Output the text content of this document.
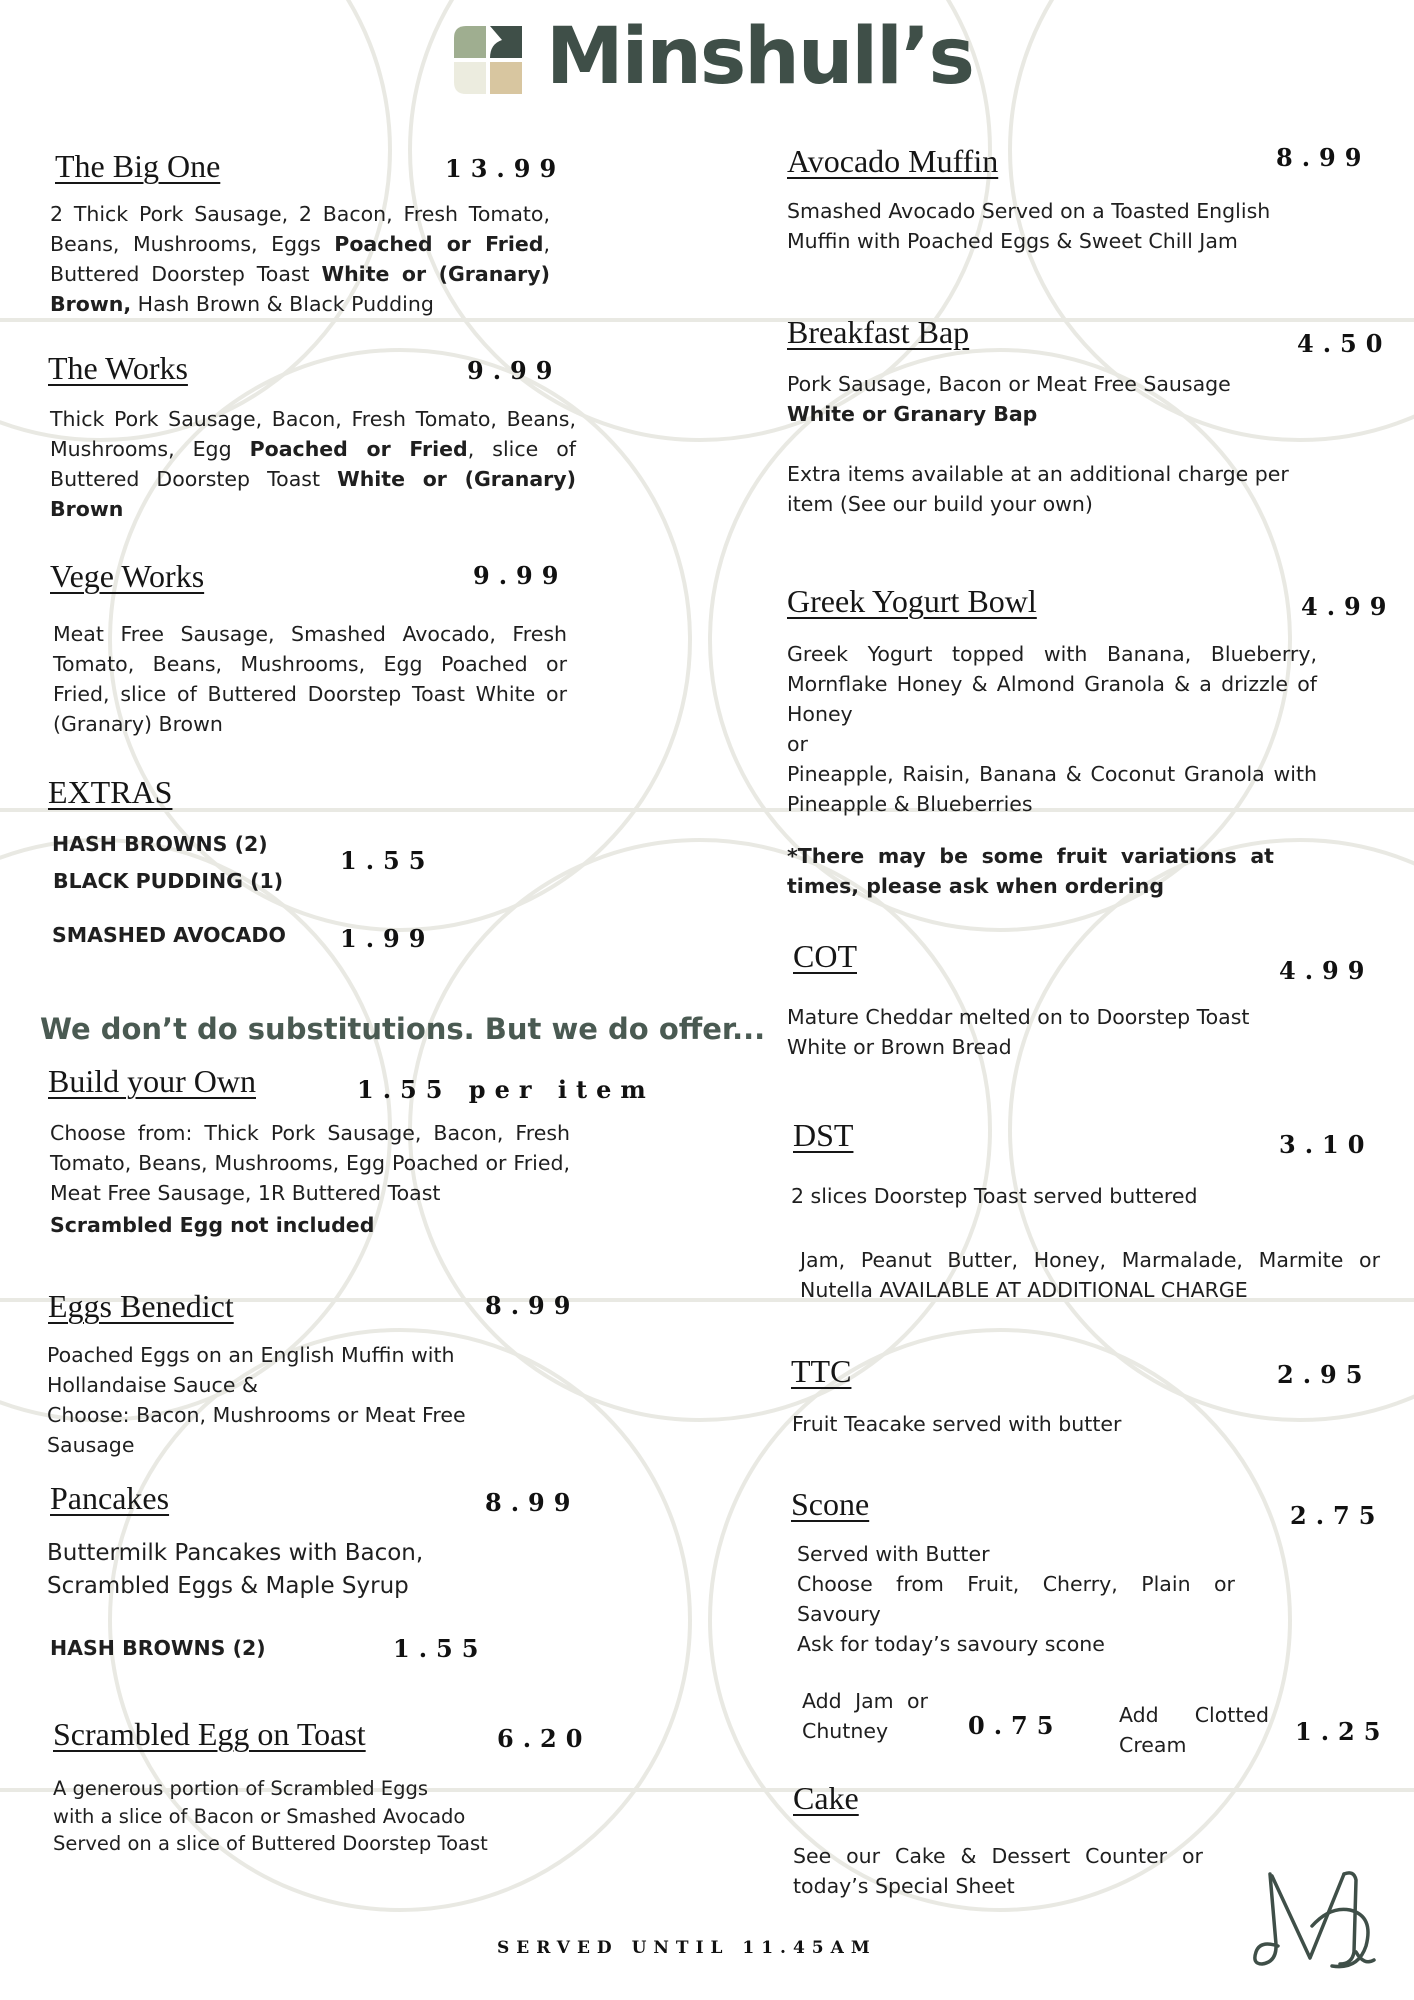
Minshull’s
The Big One	13.99
2 Thick Pork Sausage, 2 Bacon, Fresh Tomato, Beans, Mushrooms, Eggs Poached or Fried, Buttered Doorstep Toast White or (Granary) Brown, Hash Brown & Black Pudding
The Works	9.99
Thick Pork Sausage, Bacon, Fresh Tomato, Beans, Mushrooms, Egg Poached or Fried, slice of Buttered Doorstep Toast White or (Granary) Brown
Vege Works	9.99
Meat Free Sausage, Smashed Avocado, Fresh Tomato, Beans, Mushrooms, Egg Poached or Fried, slice of Buttered Doorstep Toast White or (Granary) Brown
EXTRAS
HASH BROWNS (2)
BLACK PUDDING (1)
1.55
SMASHED AVOCADO 1.99
We don’t do substitutions. But we do offer...
Build your Own	1.55 per item
Choose from: Thick Pork Sausage, Bacon, Fresh Tomato, Beans, Mushrooms, Egg Poached or Fried, Meat Free Sausage, 1R Buttered Toast
Scrambled Egg not included
Eggs Benedict	8.99
Poached Eggs on an English Muffin with
Hollandaise Sauce &
Choose: Bacon, Mushrooms or Meat Free
Sausage
Pancakes	8.99
Buttermilk Pancakes with Bacon,
Scrambled Eggs & Maple Syrup
HASH BROWNS (2)	1.55
Scrambled Egg on Toast	6.20
A generous portion of Scrambled Eggs
with a slice of Bacon or Smashed Avocado
Served on a slice of Buttered Doorstep Toast
Avocado Muffin	8.99
Smashed Avocado Served on a Toasted English
Muffin with Poached Eggs & Sweet Chill Jam
Breakfast Bap	4.50
Pork Sausage, Bacon or Meat Free Sausage
White or Granary Bap
Extra items available at an additional charge per
item (See our build your own)
Greek Yogurt Bowl	4.99
Greek Yogurt topped with Banana, Blueberry, Mornflake Honey & Almond Granola & a drizzle of Honey
or
Pineapple, Raisin, Banana & Coconut Granola with Pineapple & Blueberries
*There may be some fruit variations at times, please ask when ordering
COT	4.99
Mature Cheddar melted on to Doorstep Toast
White or Brown Bread
DST	3.10
2 slices Doorstep Toast served buttered
Jam, Peanut Butter, Honey, Marmalade, Marmite or Nutella AVAILABLE AT ADDITIONAL CHARGE
TTC	2.95
Fruit Teacake served with butter
Scone	2.75
Served with Butter
Choose from Fruit, Cherry, Plain or Savoury
Ask for today’s savoury scone
Add Jam or Chutney	0.75	Add Clotted Cream	1.25
Cake
See our Cake & Dessert Counter or today’s Special Sheet
SERVED UNTIL 11.45AM
